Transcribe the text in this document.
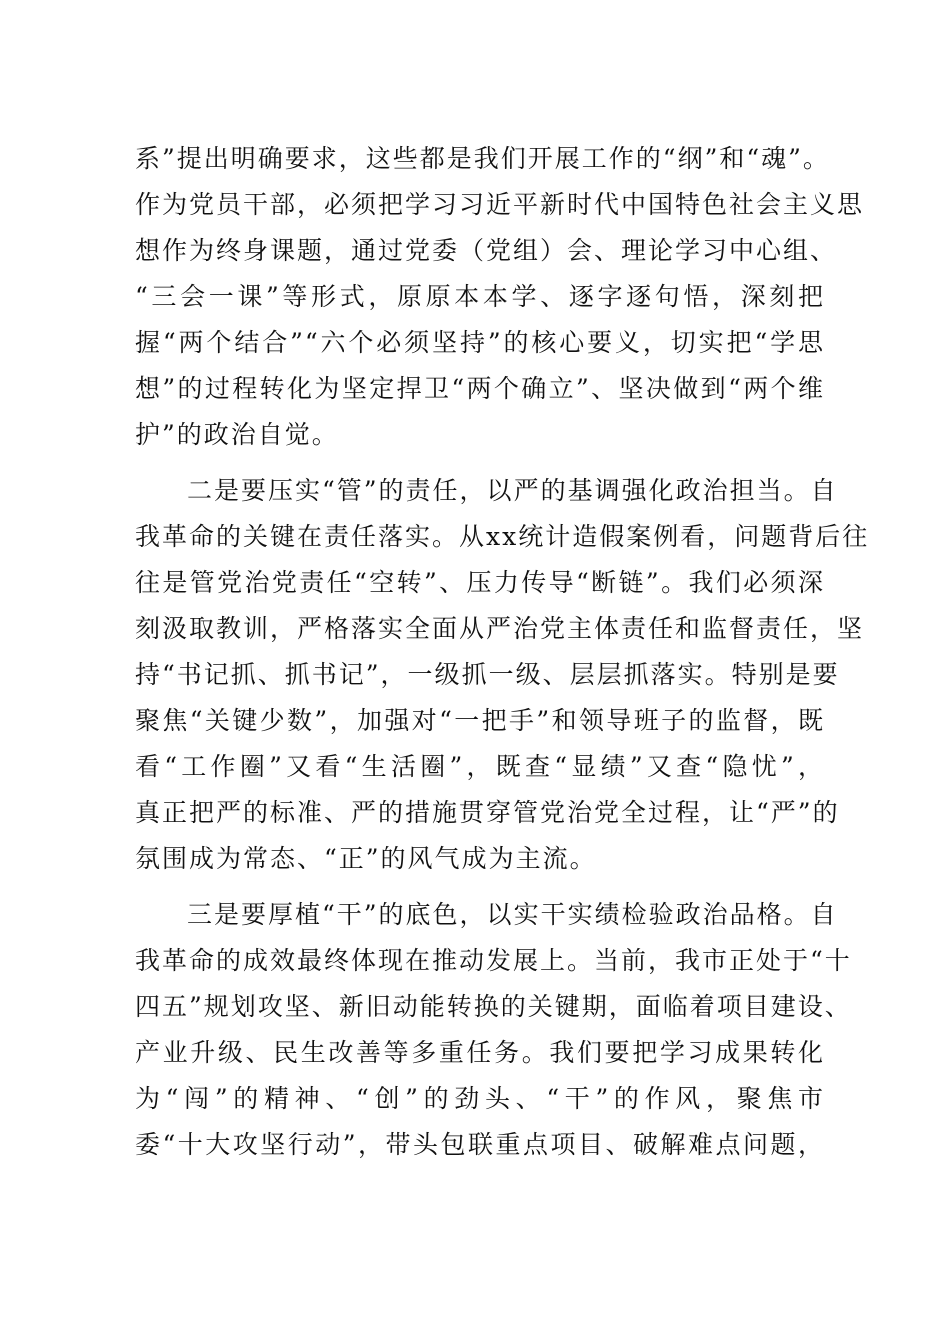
系”提出明确要求，这些都是我们开展工作的“纲”和“魂”。
作为党员干部，必须把学习习近平新时代中国特色社会主义思
想作为终身课题，通过党委（党组）会、理论学习中心组、
“三会一课”等形式，原原本本学、逐字逐句悟，深刻把
握“两个结合”“六个必须坚持”的核心要义，切实把“学思
想”的过程转化为坚定捍卫“两个确立”、坚决做到“两个维
护”的政治自觉。
二是要压实“管”的责任，以严的基调强化政治担当。自
我革命的关键在责任落实。从xx统计造假案例看，问题背后往
往是管党治党责任“空转”、压力传导“断链”。我们必须深
刻汲取教训，严格落实全面从严治党主体责任和监督责任，坚
持“书记抓、抓书记”，一级抓一级、层层抓落实。特别是要
聚焦“关键少数”，加强对“一把手”和领导班子的监督，既
看“工作圈”又看“生活圈”，既查“显绩”又查“隐忧”，
真正把严的标准、严的措施贯穿管党治党全过程，让“严”的
氛围成为常态、“正”的风气成为主流。
三是要厚植“干”的底色，以实干实绩检验政治品格。自
我革命的成效最终体现在推动发展上。当前，我市正处于“十
四五”规划攻坚、新旧动能转换的关键期，面临着项目建设、
产业升级、民生改善等多重任务。我们要把学习成果转化
为“闯”的精神、“创”的劲头、“干”的作风，聚焦市
委“十大攻坚行动”，带头包联重点项目、破解难点问题，
